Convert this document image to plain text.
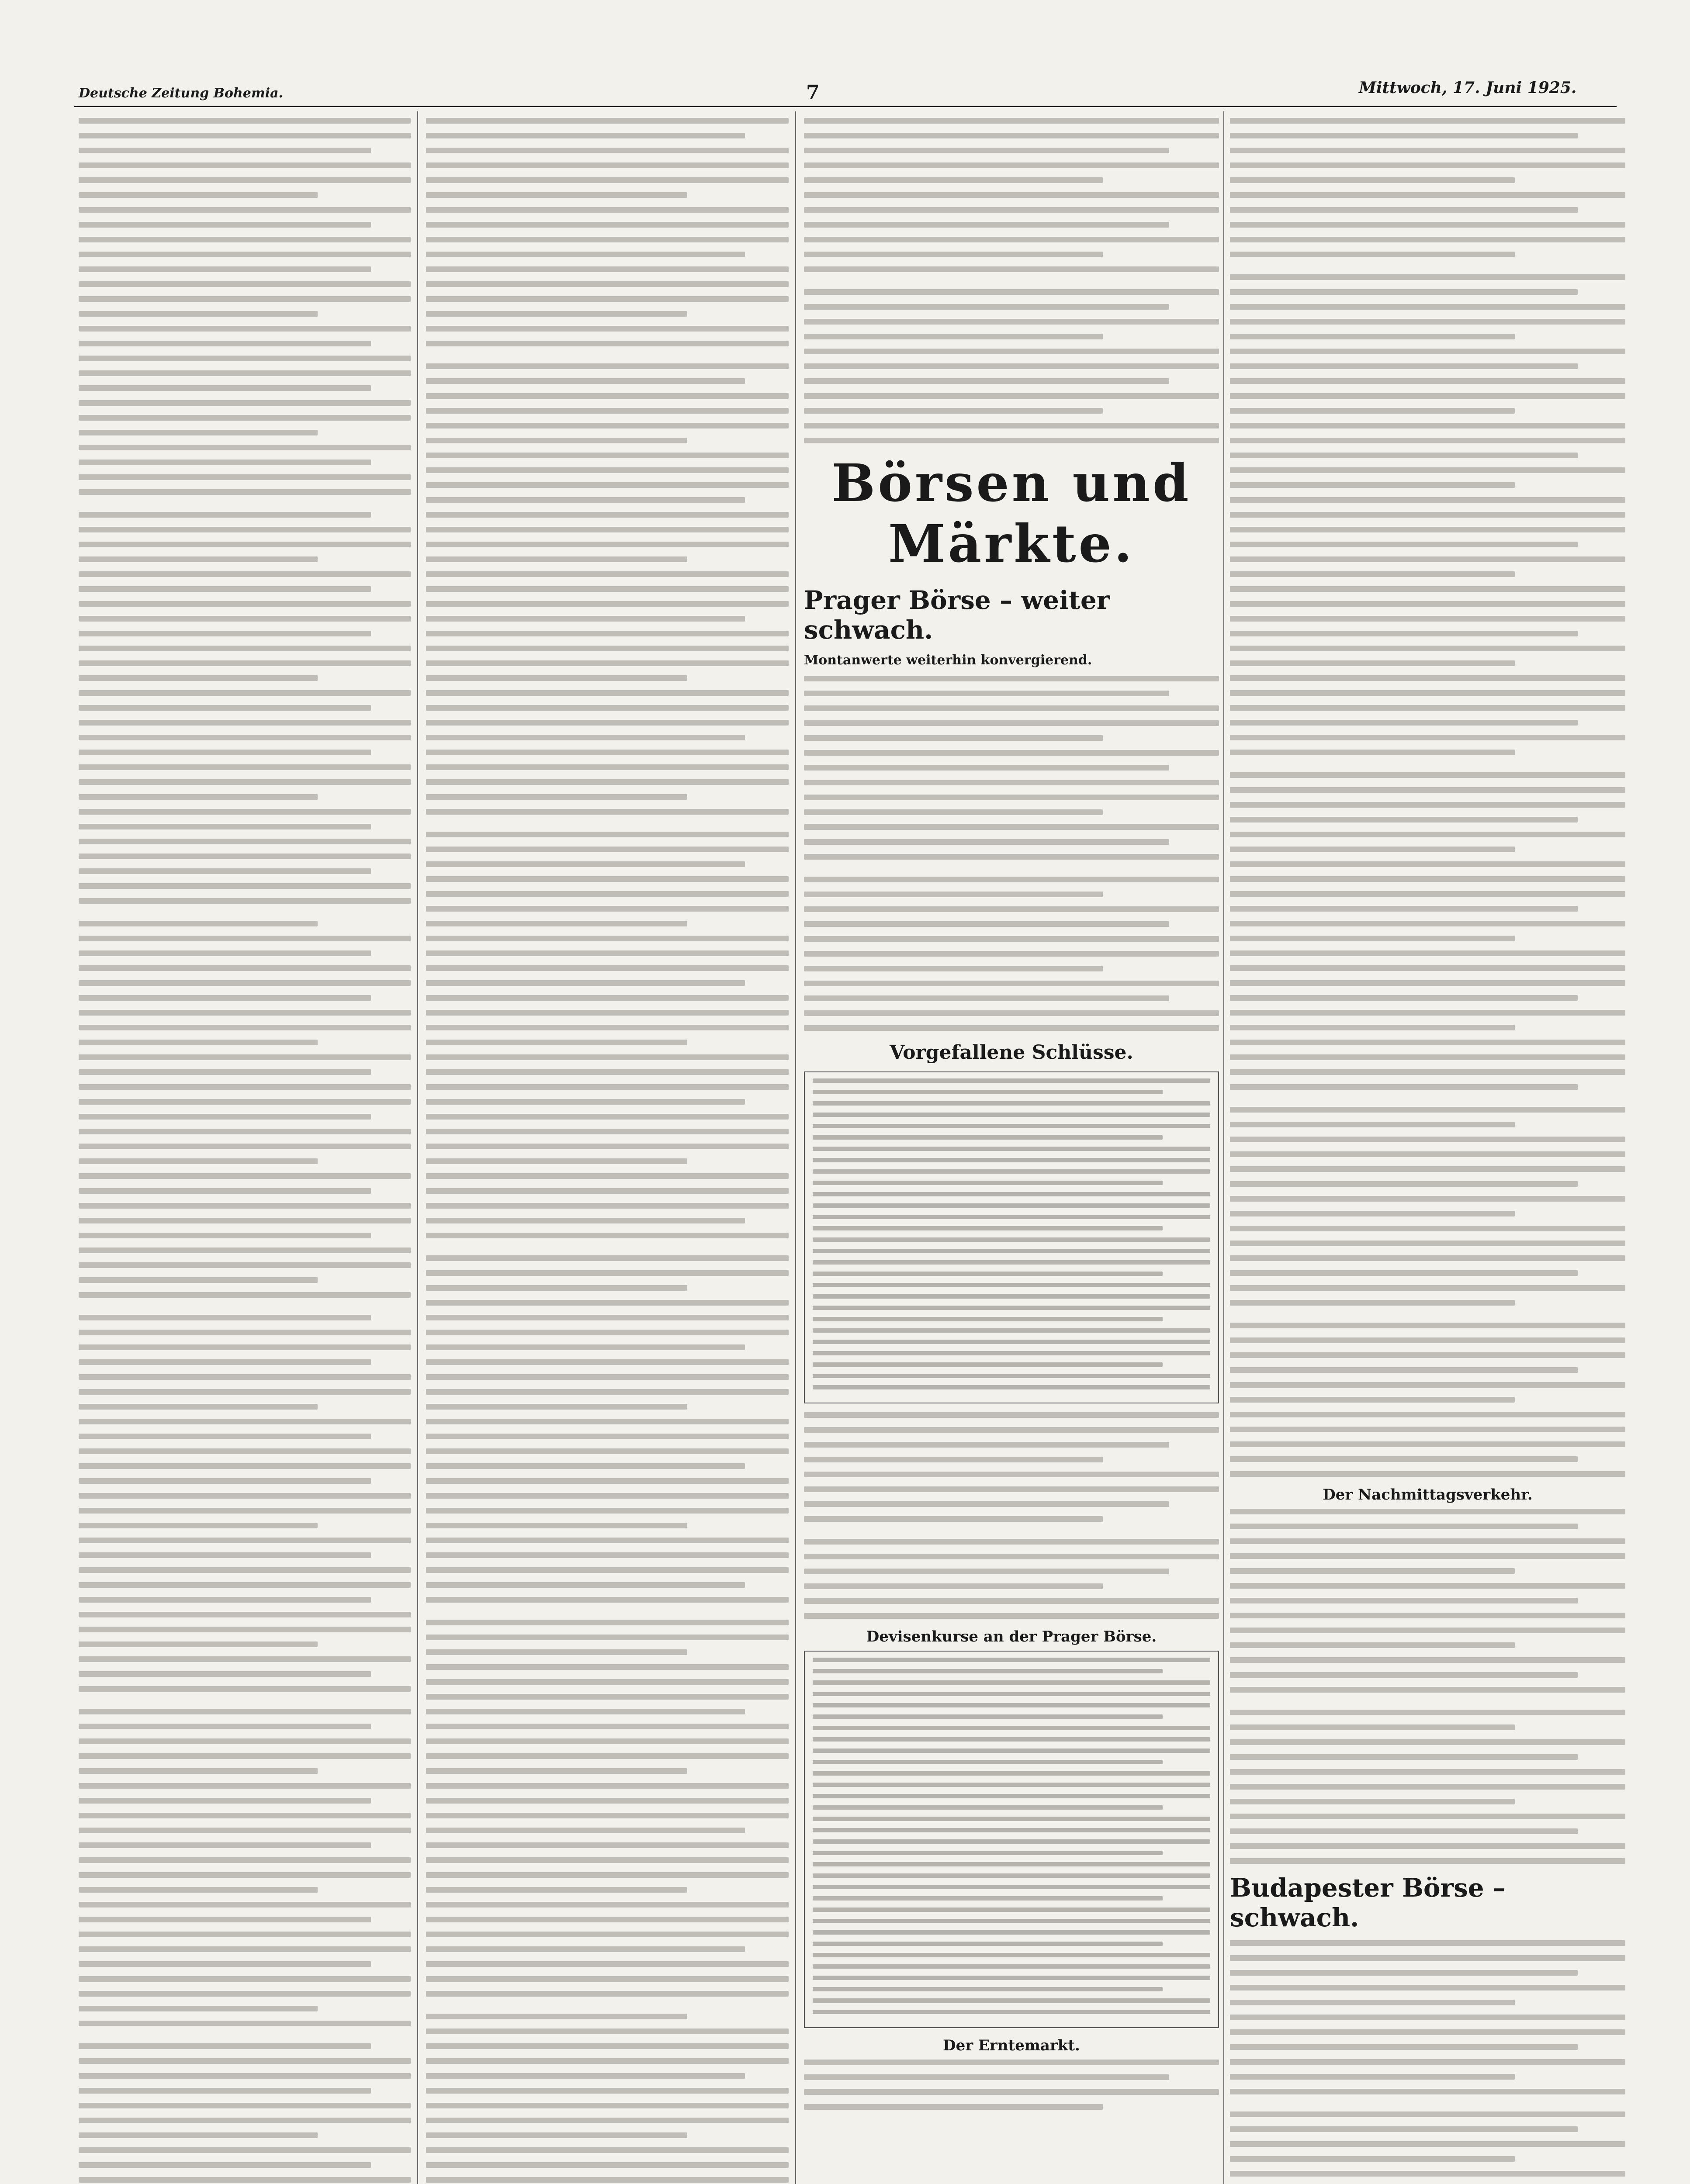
Deutsche Zeitung Bohemia.	7	Mittwoch, 17. Juni 1925.
Börsen und Märkte.
Prager Börse – weiter schwach.
Montanwerte weiterhin konvergierend.
Vorgefallene Schlüsse.
Devisenkurse an der Prager Börse.
Der Erntemarkt.
Der Nachmittagsverkehr.
Budapester Börse – schwach.
